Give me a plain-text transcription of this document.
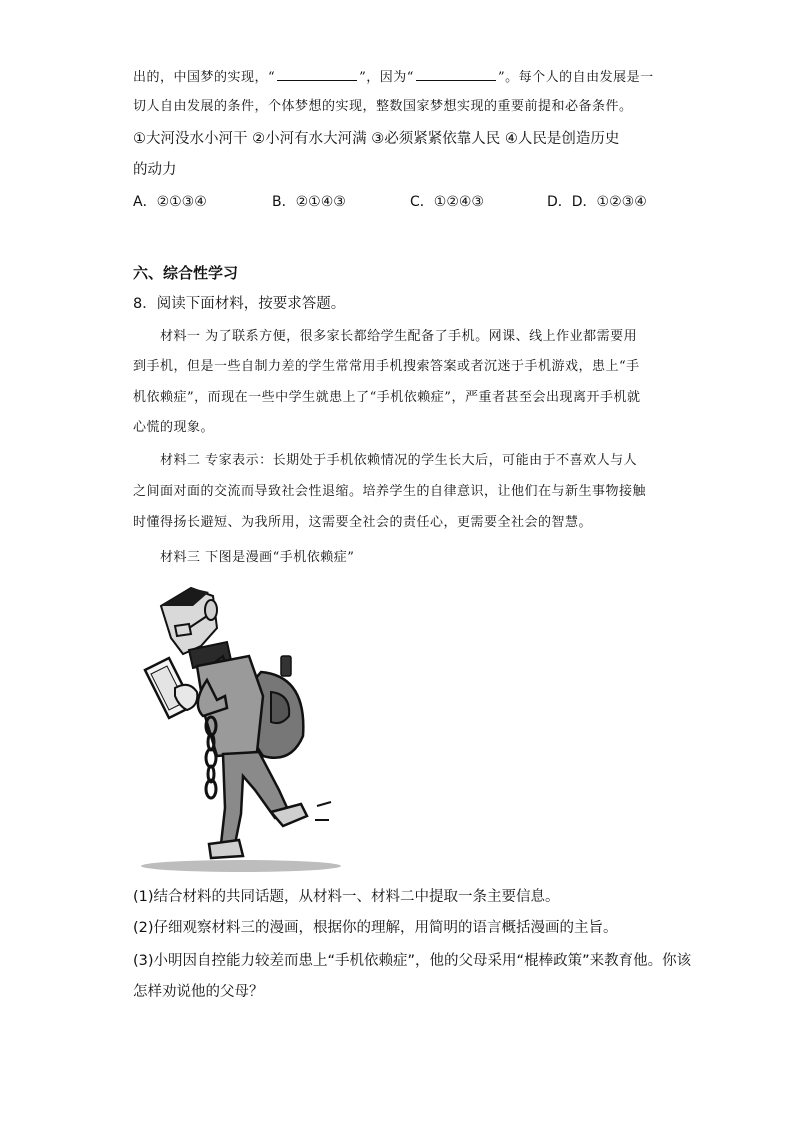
出的，中国梦的实现，“	”，因为“	”。每个人的自由发展是一
切人自由发展的条件，个体梦想的实现，整数国家梦想实现的重要前提和必备条件。
①大河没水小河干 ②小河有水大河满 ③必须紧紧依靠人民 ④人民是创造历史
的动力
A．②①③④	B．②①④③	C．①②④③	D．D．①②③④
六、综合性学习
8．阅读下面材料，按要求答题。
材料一 为了联系方便，很多家长都给学生配备了手机。网课、线上作业都需要用
到手机，但是一些自制力差的学生常常用手机搜索答案或者沉迷于手机游戏，患上“手
机依赖症”，而现在一些中学生就患上了“手机依赖症”，严重者甚至会出现离开手机就
心慌的现象。
材料二 专家表示：长期处于手机依赖情况的学生长大后，可能由于不喜欢人与人
之间面对面的交流而导致社会性退缩。培养学生的自律意识，让他们在与新生事物接触
时懂得扬长避短、为我所用，这需要全社会的责任心，更需要全社会的智慧。
材料三 下图是漫画“手机依赖症”
(1)结合材料的共同话题，从材料一、材料二中提取一条主要信息。
(2)仔细观察材料三的漫画，根据你的理解，用简明的语言概括漫画的主旨。
(3)小明因自控能力较差而患上“手机依赖症”，他的父母采用“棍棒政策”来教育他。你该
怎样劝说他的父母？
